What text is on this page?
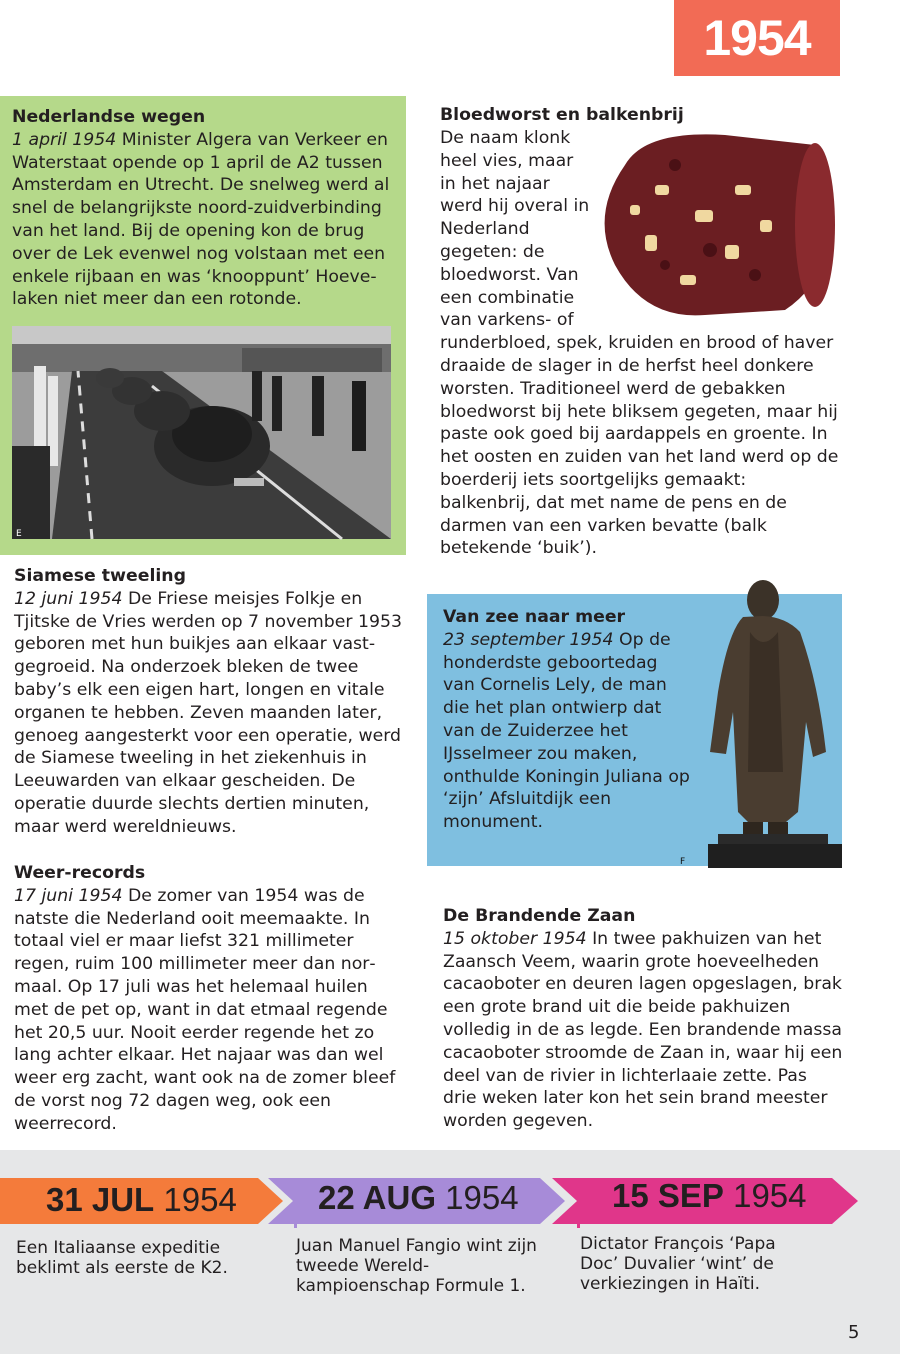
1954
Nederlandse wegen

1 april 1954 Minister Algera van Verkeer en Waterstaat opende op 1 april de A2 tussen Amsterdam en Utrecht. De snelweg werd al snel de belangrijkste noord-zuidverbinding van het land. Bij de opening kon de brug over de Lek evenwel nog volstaan met een enkele rijbaan en was ‘knooppunt’ Hoevelaken niet meer dan een rotonde.

E
Bloedworst en balkenbrij

De naam klonk heel vies, maar in het najaar werd hij overal in Nederland gegeten: de bloedworst. Van een combinatie van varkens- of runderbloed, spek, kruiden en brood of haver draaide de slager in de herfst heel donkere worsten. Traditioneel werd de gebakken bloedworst bij hete bliksem gegeten, maar hij paste ook goed bij aardappels en groente. In het oosten en zuiden van het land werd op de boerderij iets soortgelijks gemaakt: balkenbrij, dat met name de pens en de darmen van een varken bevatte (balk betekende ‘buik’).

Van zee naar meer

23 september 1954 Op de honderdste geboortedag van Cornelis Lely, de man die het plan ontwierp dat van de Zuiderzee het IJsselmeer zou maken, onthulde Koningin Juliana op ‘zijn’ Afsluitdijk een monument.

F
Siamese tweeling

12 juni 1954 De Friese meisjes Folkje en Tjitske de Vries werden op 7 november 1953 geboren met hun buikjes aan elkaar vastgegroeid. Na onderzoek bleken de twee baby’s elk een eigen hart, longen en vitale organen te hebben. Zeven maanden later, genoeg aangesterkt voor een operatie, werd de Siamese tweeling in het ziekenhuis in Leeuwarden van elkaar gescheiden. De operatie duurde slechts dertien minuten, maar werd wereldnieuws.

Weer-records

17 juni 1954 De zomer van 1954 was de natste die Nederland ooit meemaakte. In totaal viel er maar liefst 321 millimeter regen, ruim 100 millimeter meer dan normaal. Op 17 juli was het helemaal huilen met de pet op, want in dat etmaal regende het 20,5 uur. Nooit eerder regende het zo lang achter elkaar. Het najaar was dan wel weer erg zacht, want ook na de zomer bleef de vorst nog 72 dagen weg, ook een weerrecord.

De Brandende Zaan

15 oktober 1954 In twee pakhuizen van het Zaansch Veem, waarin grote hoeveelheden cacaoboter en deuren lagen opgeslagen, brak een grote brand uit die beide pakhuizen volledig in de as legde. Een brandende massa cacaoboter stroomde de Zaan in, waar hij een deel van de rivier in lichterlaaie zette. Pas drie weken later kon het sein brand meester worden gegeven.

31 JUL 1954 22 AUG 1954	15 SEP 1954
Een Italiaanse expeditie beklimt als eerste de K2.
Juan Manuel Fangio wint zijn tweede Wereldkampioenschap Formule 1.
Dictator François ‘Papa Doc’ Duvalier ‘wint’ de verkiezingen in Haïti.
5
